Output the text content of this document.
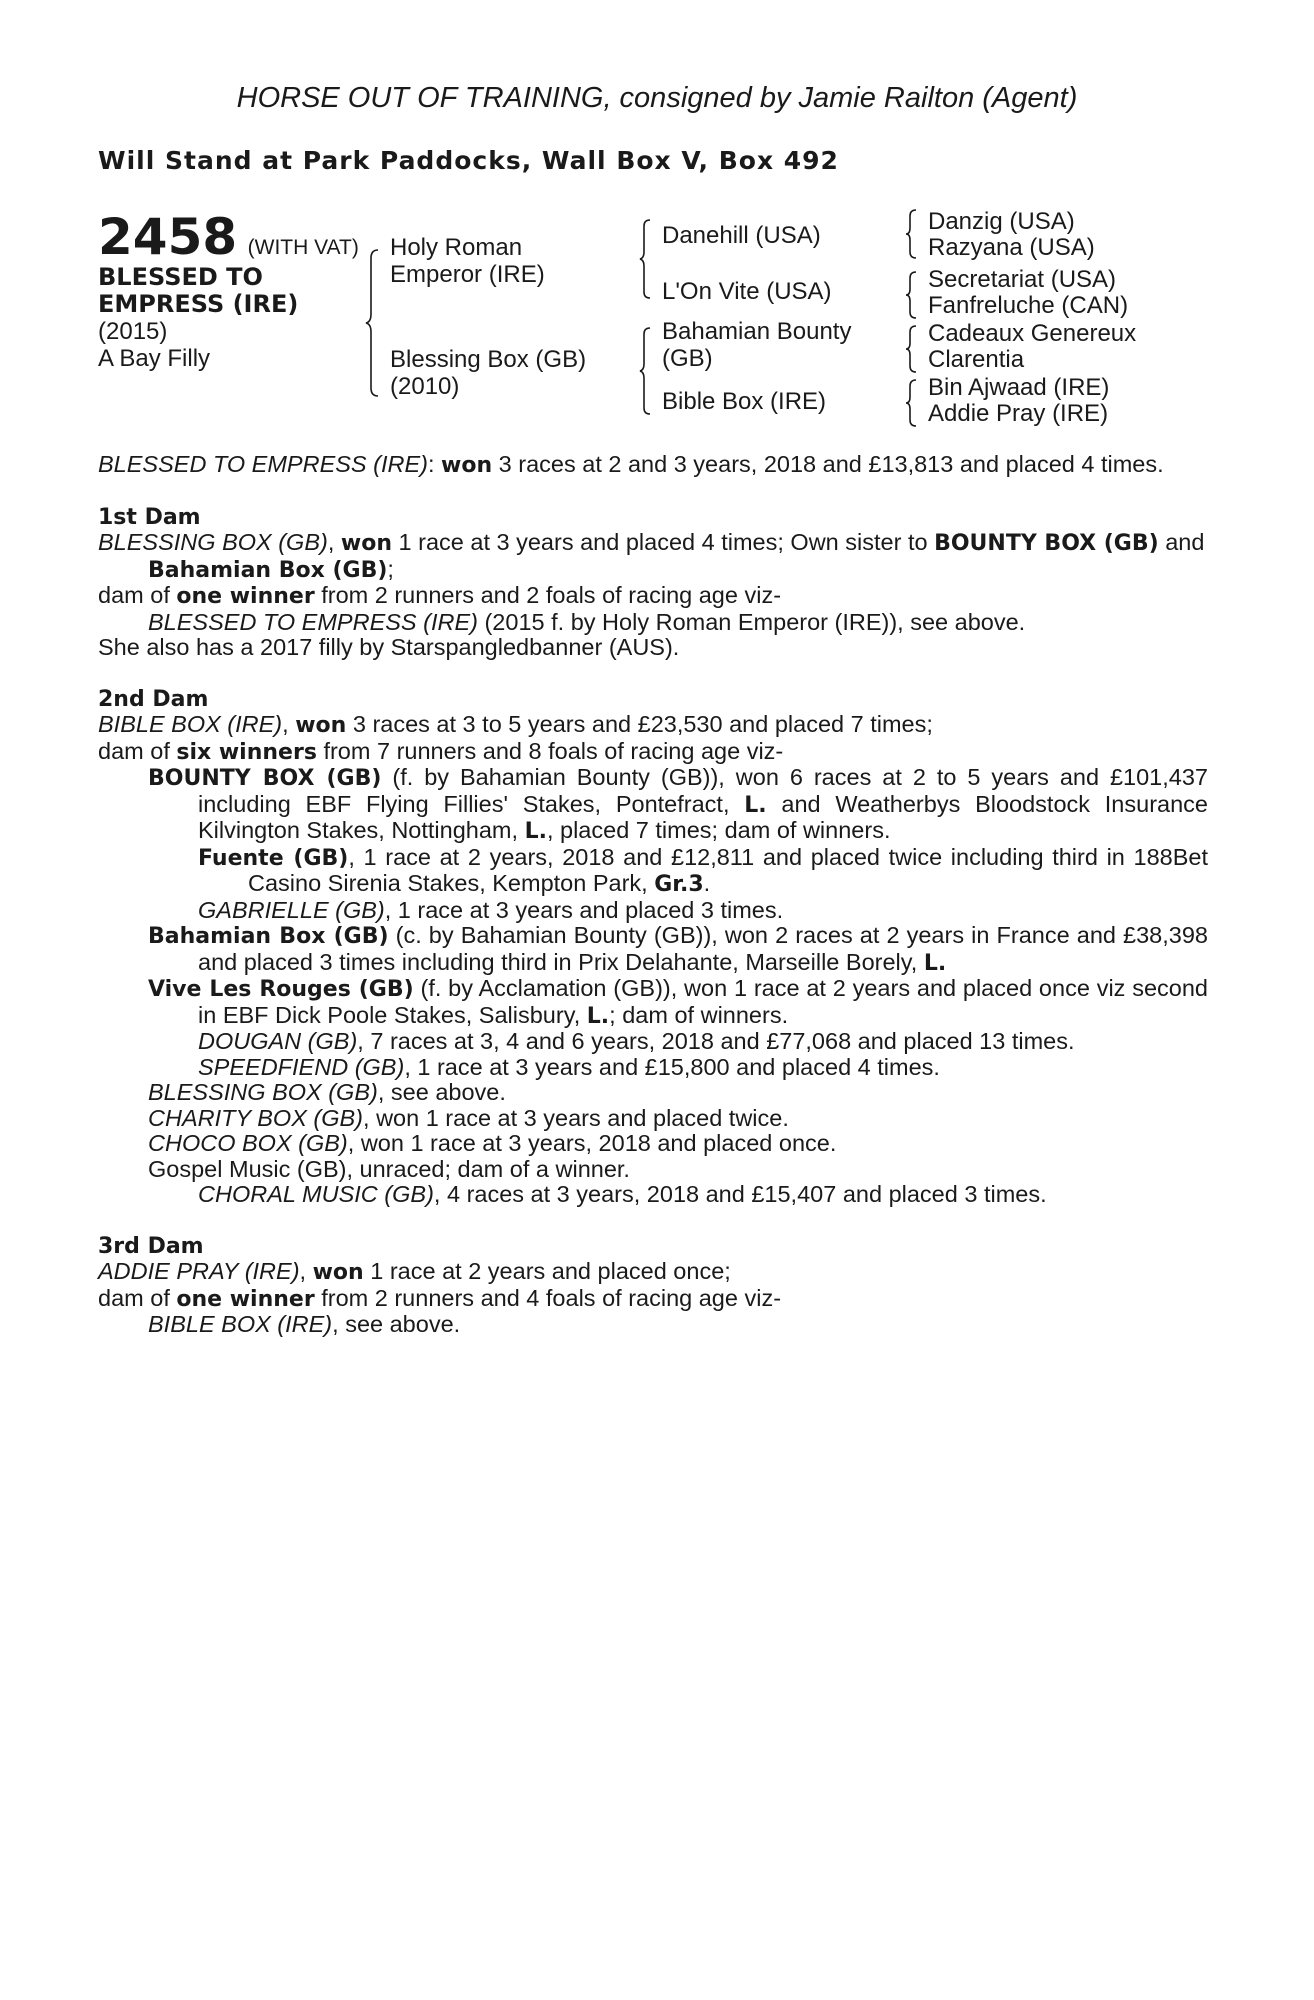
HORSE OUT OF TRAINING, consigned by Jamie Railton (Agent)
Will Stand at Park Paddocks, Wall Box V, Box 492
2458 (WITH VAT)
BLESSED TO
EMPRESS (IRE)
(2015)
A Bay Filly
Holy Roman
Emperor (IRE)
Blessing Box (GB)
(2010)
Danehill (USA)
L'On Vite (USA)
Bahamian Bounty
(GB)
Bible Box (IRE)
Danzig (USA)
Razyana (USA)
Secretariat (USA)
Fanfreluche (CAN)
Cadeaux Genereux
Clarentia
Bin Ajwaad (IRE)
Addie Pray (IRE)

BLESSED TO EMPRESS (IRE): won 3 races at 2 and 3 years, 2018 and £13,813 and placed 4 times.

1st Dam

BLESSING BOX (GB), won 1 race at 3 years and placed 4 times; Own sister to BOUNTY BOX (GB) and Bahamian Box (GB);

dam of one winner from 2 runners and 2 foals of racing age viz-

BLESSED TO EMPRESS (IRE) (2015 f. by Holy Roman Emperor (IRE)), see above.

She also has a 2017 filly by Starspangledbanner (AUS).

2nd Dam

BIBLE BOX (IRE), won 3 races at 3 to 5 years and £23,530 and placed 7 times;

dam of six winners from 7 runners and 8 foals of racing age viz-

BOUNTY BOX (GB) (f. by Bahamian Bounty (GB)), won 6 races at 2 to 5 years and £101,437 including EBF Flying Fillies' Stakes, Pontefract, L. and Weatherbys Bloodstock Insurance Kilvington Stakes, Nottingham, L., placed 7 times; dam of winners.

Fuente (GB), 1 race at 2 years, 2018 and £12,811 and placed twice including third in 188Bet Casino Sirenia Stakes, Kempton Park, Gr.3.

GABRIELLE (GB), 1 race at 3 years and placed 3 times.

Bahamian Box (GB) (c. by Bahamian Bounty (GB)), won 2 races at 2 years in France and £38,398 and placed 3 times including third in Prix Delahante, Marseille Borely, L.

Vive Les Rouges (GB) (f. by Acclamation (GB)), won 1 race at 2 years and placed once viz second in EBF Dick Poole Stakes, Salisbury, L.; dam of winners.

DOUGAN (GB), 7 races at 3, 4 and 6 years, 2018 and £77,068 and placed 13 times.

SPEEDFIEND (GB), 1 race at 3 years and £15,800 and placed 4 times.

BLESSING BOX (GB), see above.

CHARITY BOX (GB), won 1 race at 3 years and placed twice.

CHOCO BOX (GB), won 1 race at 3 years, 2018 and placed once.

Gospel Music (GB), unraced; dam of a winner.

CHORAL MUSIC (GB), 4 races at 3 years, 2018 and £15,407 and placed 3 times.

3rd Dam

ADDIE PRAY (IRE), won 1 race at 2 years and placed once;

dam of one winner from 2 runners and 4 foals of racing age viz-

BIBLE BOX (IRE), see above.
